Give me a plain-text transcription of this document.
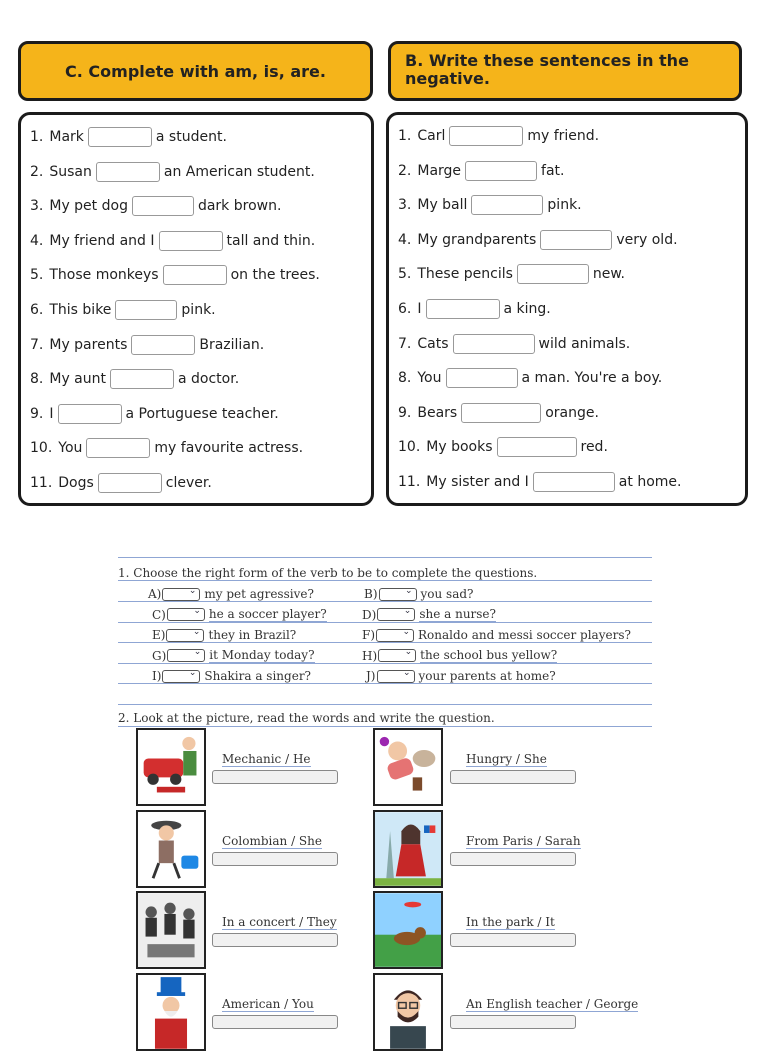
C. Complete with am, is, are.
B. Write these sentences in the negative.
1. Mark	a student.
2. Susan	an American student.
3. My pet dog	dark brown.
4. My friend and I	tall and thin.
5. Those monkeys	on the trees.
6. This bike	pink.
7. My parents	Brazilian.
8. My aunt	a doctor.
9. I	a Portuguese teacher.
10. You	my favourite actress.
11. Dogs	clever.
1. Carl	my friend.
2. Marge	fat.
3. My ball	pink.
4. My grandparents	very old.
5. These pencils	new.
6. I	a king.
7. Cats	wild animals.
8. You	a man. You're a boy.
9. Bears	orange.
10. My books	red.
11. My sister and I	at home.
1. Choose the right form of the verb to be to complete the questions.
A)	⌄ my pet agressive?	B)	⌄ you sad?
C)	⌄ he a soccer player?	D)	⌄ she a nurse?
E)	⌄ they in Brazil?	F)	⌄ Ronaldo and messi soccer players?
G)	⌄ it Monday today?	H)	⌄ the school bus yellow?
I)	⌄ Shakira a singer?	J)	⌄ your parents at home?
2. Look at the picture, read the words and write the question.
Mechanic / He	Hungry / She
Colombian / She	From Paris / Sarah
In a concert / They	In the park / It
American / You	An English teacher / George
